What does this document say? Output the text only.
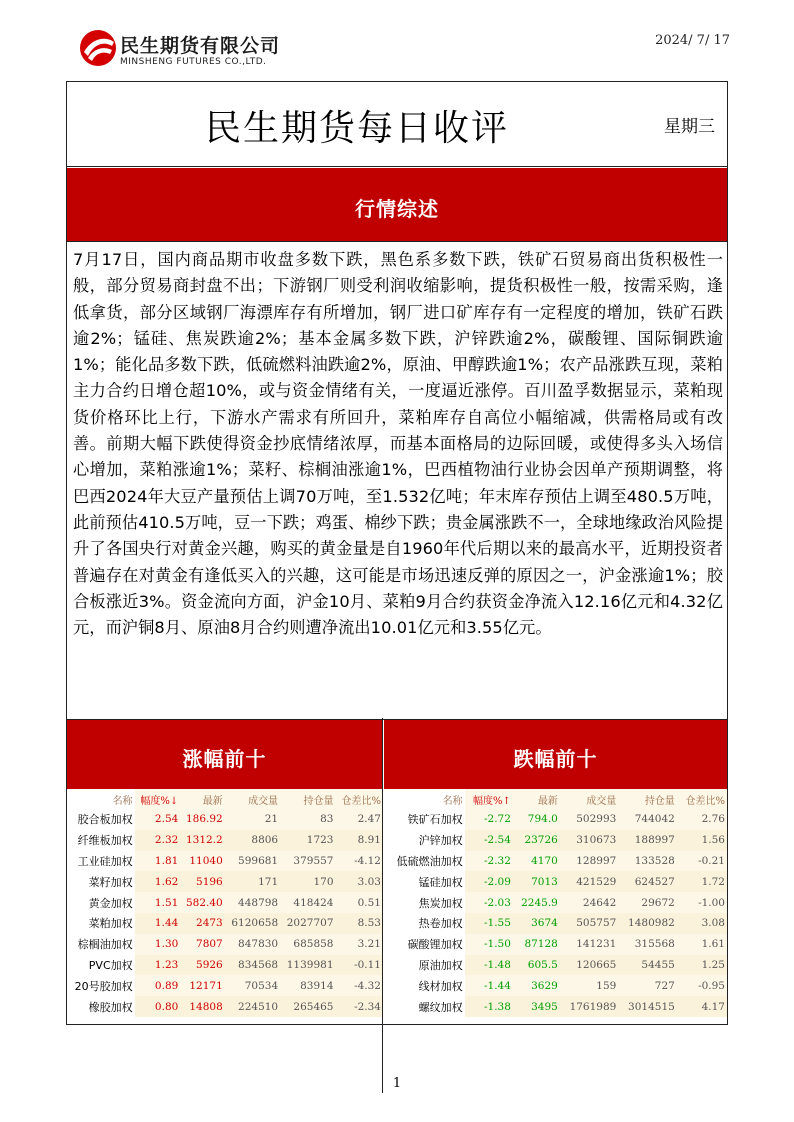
民生期货有限公司
MINSHENG FUTURES CO.,LTD.
2024/ 7/ 17
民生期货每日收评	星期三
行情综述
7月17日，国内商品期市收盘多数下跌，黑色系多数下跌，铁矿石贸易商出货积极性一般，部分贸易商封盘不出；下游钢厂则受利润收缩影响，提货积极性一般，按需采购，逢低拿货，部分区域钢厂海漂库存有所增加，钢厂进口矿库存有一定程度的增加，铁矿石跌逾2%；锰硅、焦炭跌逾2%；基本金属多数下跌，沪锌跌逾2%，碳酸锂、国际铜跌逾1%；能化品多数下跌，低硫燃料油跌逾2%，原油、甲醇跌逾1%；农产品涨跌互现，菜粕主力合约日增仓超10%，或与资金情绪有关，一度逼近涨停。百川盈孚数据显示，菜粕现货价格环比上行，下游水产需求有所回升，菜粕库存自高位小幅缩减，供需格局或有改善。前期大幅下跌使得资金抄底情绪浓厚，而基本面格局的边际回暖，或使得多头入场信心增加，菜粕涨逾1%；菜籽、棕榈油涨逾1%，巴西植物油行业协会因单产预期调整，将巴西2024年大豆产量预估上调70万吨，至1.532亿吨；年末库存预估上调至480.5万吨，此前预估410.5万吨，豆一下跌；鸡蛋、棉纱下跌；贵金属涨跌不一，全球地缘政治风险提升了各国央行对黄金兴趣，购买的黄金量是自1960年代后期以来的最高水平，近期投资者普遍存在对黄金有逢低买入的兴趣，这可能是市场迅速反弹的原因之一，沪金涨逾1%；胶合板涨近3%。资金流向方面，沪金10月、菜粕9月合约获资金净流入12.16亿元和4.32亿元，而沪铜8月、原油8月合约则遭净流出10.01亿元和3.55亿元。
涨幅前十	跌幅前十
名称	幅度%↓	最新	成交量	持仓量	仓差比%
胶合板加权	2.54	186.92	21	83	2.47
纤维板加权	2.32	1312.2	8806	1723	8.91
工业硅加权	1.81	11040	599681	379557	-4.12
菜籽加权	1.62	5196	171	170	3.03
黄金加权	1.51	582.40	448798	418424	0.51
菜粕加权	1.44	2473	6120658	2027707	8.53
棕榈油加权	1.30	7807	847830	685858	3.21
PVC加权	1.23	5926	834568	1139981	-0.11
20号胶加权	0.89	12171	70534	83914	-4.32
橡胶加权	0.80	14808	224510	265465	-2.34
名称	幅度%↑	最新	成交量	持仓量	仓差比%
铁矿石加权	-2.72	794.0	502993	744042	2.76
沪锌加权	-2.54	23726	310673	188997	1.56
低硫燃油加权	-2.32	4170	128997	133528	-0.21
锰硅加权	-2.09	7013	421529	624527	1.72
焦炭加权	-2.03	2245.9	24642	29672	-1.00
热卷加权	-1.55	3674	505757	1480982	3.08
碳酸锂加权	-1.50	87128	141231	315568	1.61
原油加权	-1.48	605.5	120665	54455	1.25
线材加权	-1.44	3629	159	727	-0.95
螺纹加权	-1.38	3495	1761989	3014515	4.17
1
